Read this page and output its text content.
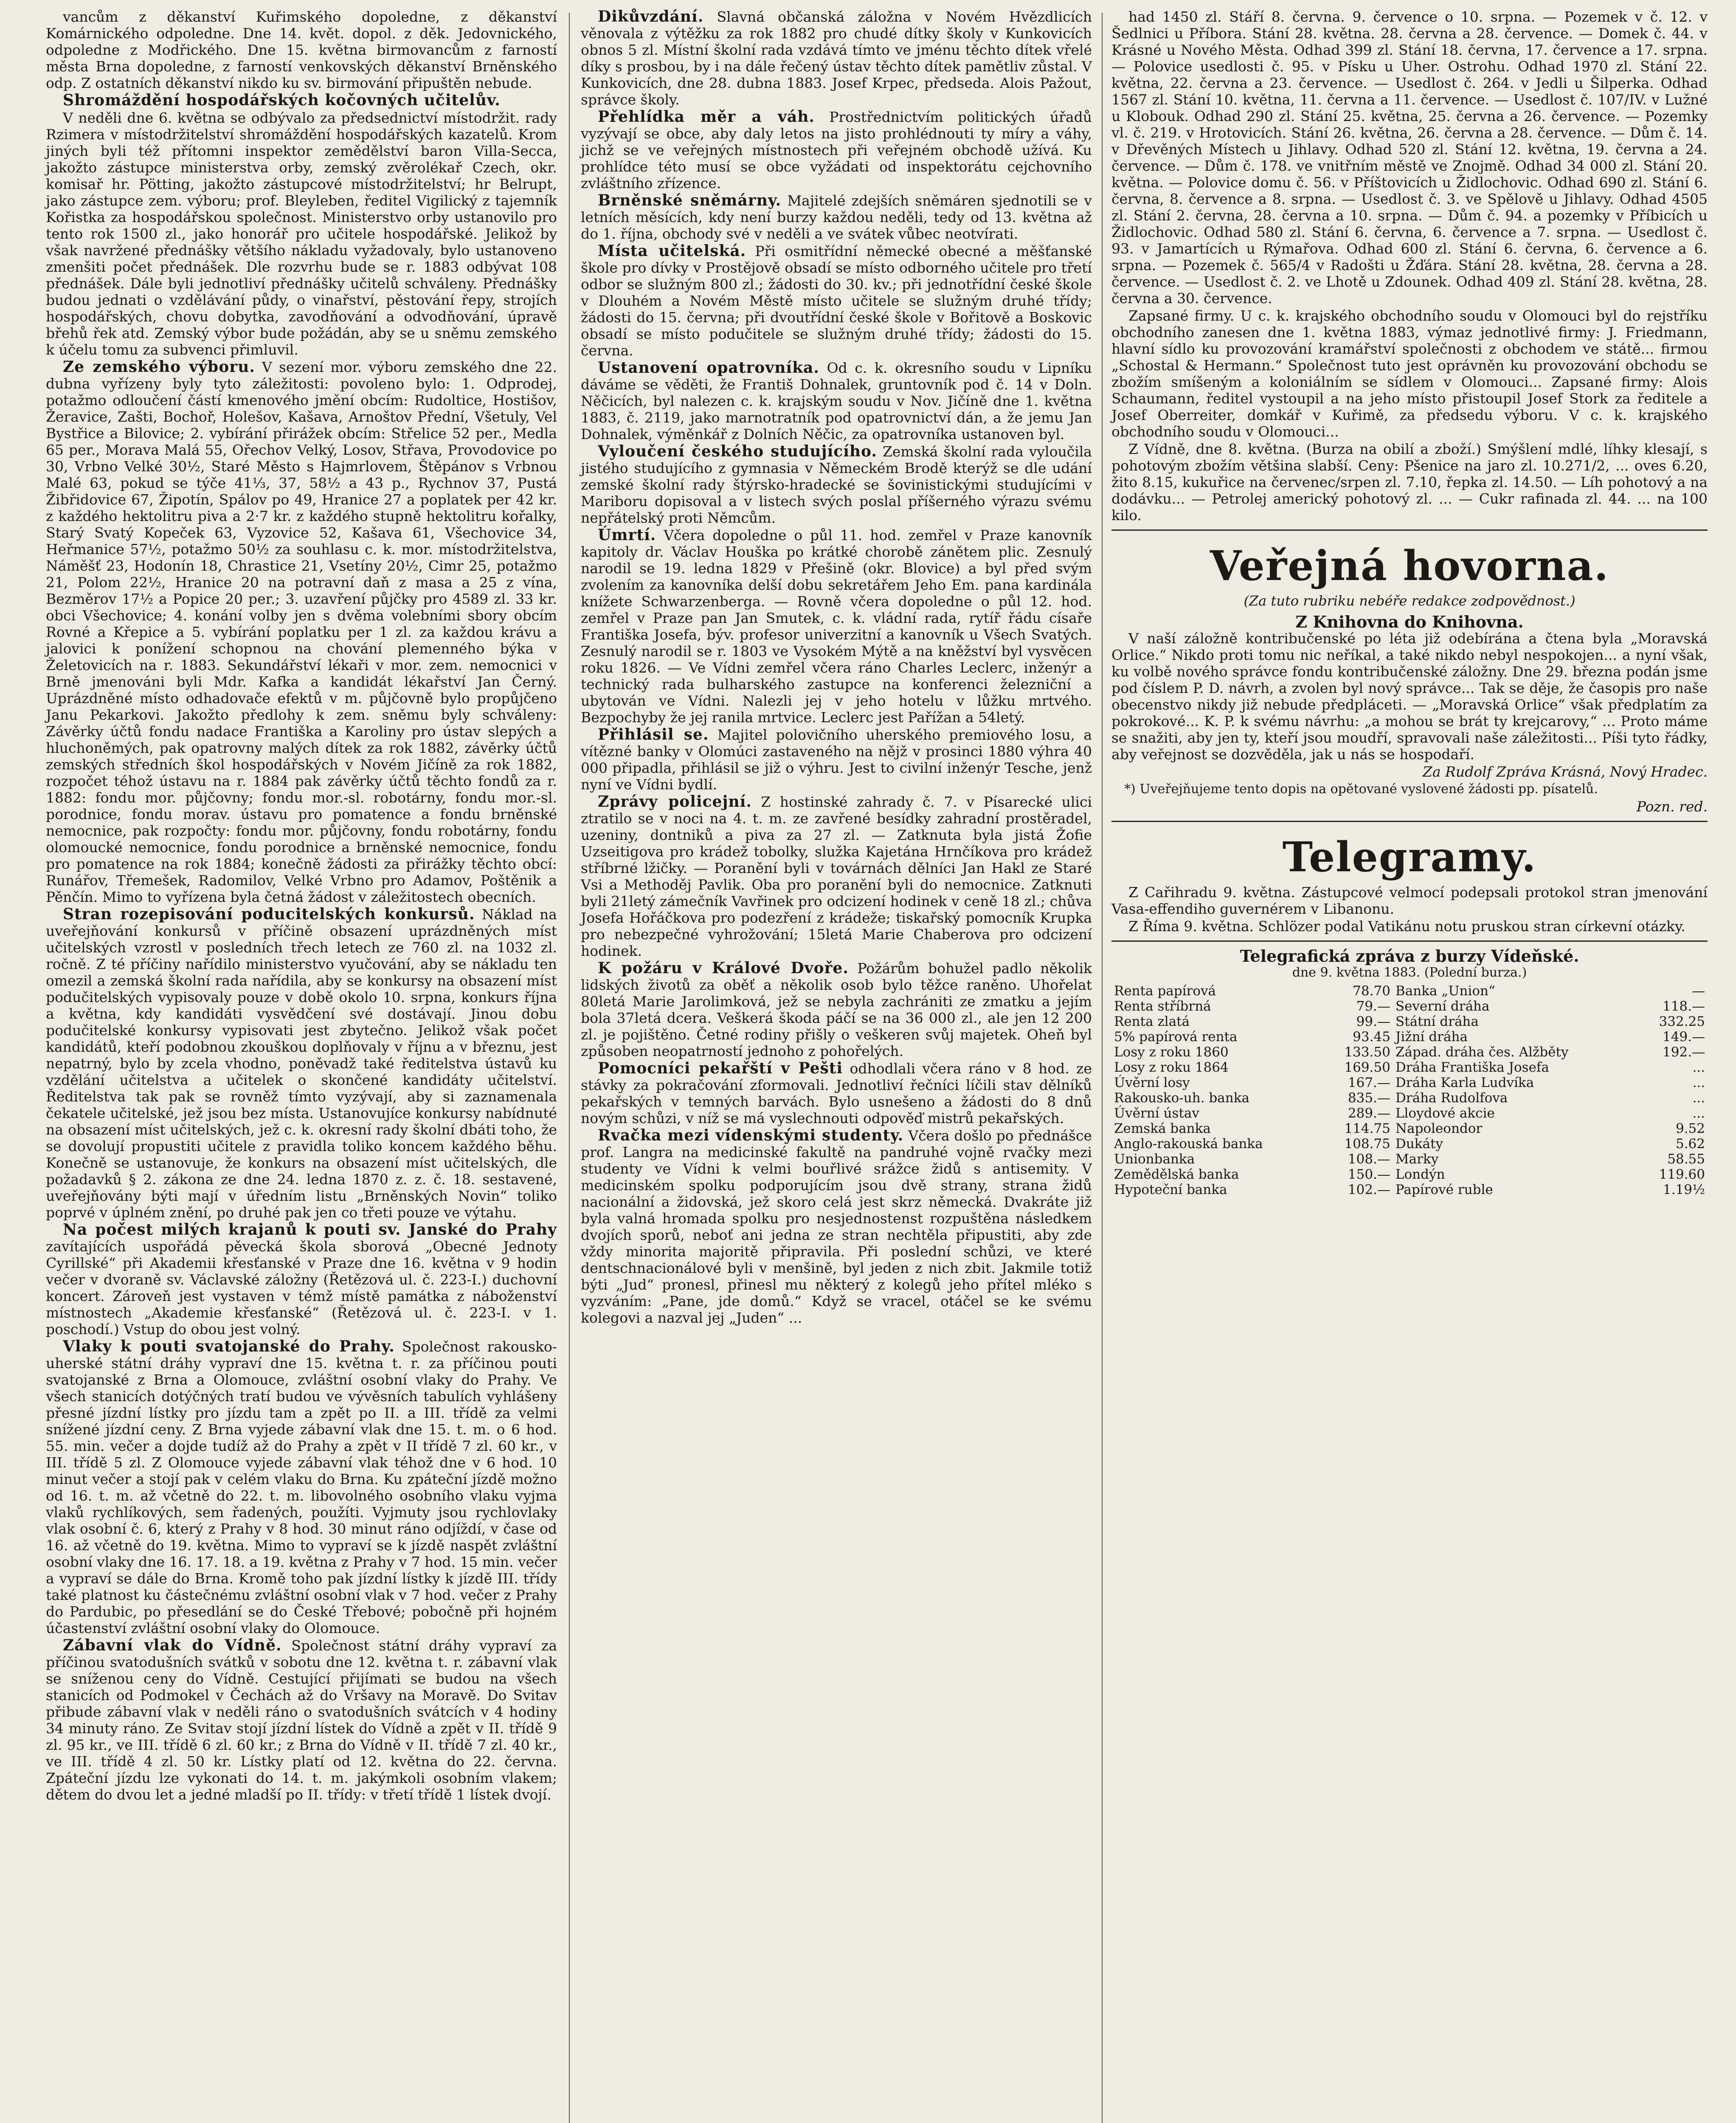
vancům z děkanství Kuřimského dopoledne, z děkanství Komárnického odpoledne. Dne 14. květ. dopol. z děk. Jedovnického, odpoledne z Modřického. Dne 15. května birmovancům z farností města Brna dopoledne, z farností venkovských děkanství Brněnského odp. Z ostatních děkanství nikdo ku sv. birmování připuštěn nebude.

Shromáždění hospodářských kočovných učitelův.

V neděli dne 6. května se odbývalo za předsednictví místodržit. rady Rzimera v místodržitelství shromáždění hospodářských kazatelů. Krom jiných byli též přítomni inspektor zemědělství baron Villa-Secca, jakožto zástupce ministerstva orby, zemský zvěrolékař Czech, okr. komisař hr. Pötting, jakožto zástupcové místodržitelství; hr Belrupt, jako zástupce zem. výboru; prof. Bleyleben, ředitel Vigilický z tajemník Kořistka za hospodářskou společnost. Ministerstvo orby ustanovilo pro tento rok 1500 zl., jako honorář pro učitele hospodářské. Jelikož by však navržené přednášky většího nákladu vyžadovaly, bylo ustanoveno zmenšiti počet přednášek. Dle rozvrhu bude se r. 1883 odbývat 108 přednášek. Dále byli jednotliví přednášky učitelů schváleny. Přednášky budou jednati o vzdělávání půdy, o vinařství, pěstování řepy, strojích hospodářských, chovu dobytka, zavodňování a odvodňování, úpravě břehů řek atd. Zemský výbor bude požádán, aby se u sněmu zemského k účelu tomu za subvenci přimluvil.

Ze zemského výboru. V sezení mor. výboru zemského dne 22. dubna vyřízeny byly tyto záležitosti: povoleno bylo: 1. Odprodej, potažmo odloučení částí kmenového jmění obcím: Rudoltice, Hostišov, Žeravice, Zašti, Bochoř, Holešov, Kašava, Arnoštov Přední, Všetuly, Vel Bystřice a Bilovice; 2. vybírání přirážek obcím: Střelice 52 per., Medla 65 per., Morava Malá 55, Ořechov Velký, Losov, Střava, Provodovice po 30, Vrbno Velké 30½, Staré Město s Hajmrlovem, Štěpánov s Vrbnou Malé 63, pokud se týče 41⅓, 37, 58½ a 43 p., Rychnov 37, Pustá Žibřidovice 67, Žipotín, Spálov po 49, Hranice 27 a poplatek per 42 kr. z každého hektolitru piva a 2·7 kr. z každého stupně hektolitru kořalky, Starý Svatý Kopeček 63, Vyzovice 52, Kašava 61, Všechovice 34, Heřmanice 57½, potažmo 50½ za souhlasu c. k. mor. místodržitelstva, Náměšť 23, Hodonín 18, Chrastice 21, Vsetíny 20½, Cimr 25, potažmo 21, Polom 22½, Hranice 20 na potravní daň z masa a 25 z vína, Bezměrov 17½ a Popice 20 per.; 3. uzavření půjčky pro 4589 zl. 33 kr. obci Všechovice; 4. konání volby jen s dvěma volebními sbory obcím Rovné a Křepice a 5. vybírání poplatku per 1 zl. za každou krávu a jalovici k ponížení schopnou na chování plemenného býka v Želetovicích na r. 1883. Sekundářství lékaři v mor. zem. nemocnici v Brně jmenováni byli Mdr. Kafka a kandidát lékařství Jan Černý. Uprázdněné místo odhadovače efektů v m. půjčovně bylo propůjčeno Janu Pekarkovi. Jakožto předlohy k zem. sněmu byly schváleny: Závěrky účtů fondu nadace Františka a Karoliny pro ústav slepých a hluchoněmých, pak opatrovny malých dítek za rok 1882, závěrky účtů zemských středních škol hospodářských v Novém Jičíně za rok 1882, rozpočet téhož ústavu na r. 1884 pak závěrky účtů těchto fondů za r. 1882: fondu mor. půjčovny; fondu mor.-sl. robotárny, fondu mor.-sl. porodnice, fondu morav. ústavu pro pomatence a fondu brněnské nemocnice, pak rozpočty: fondu mor. půjčovny, fondu robotárny, fondu olomoucké nemocnice, fondu porodnice a brněnské nemocnice, fondu pro pomatence na rok 1884; konečně žádosti za přirážky těchto obcí: Runářov, Třemešek, Radomilov, Velké Vrbno pro Adamov, Poštěnik a Pěnčín. Mimo to vyřízena byla četná žádost v záležitostech obecních.

Stran rozepisování poducitelských konkursů. Náklad na uveřejňování konkursů v příčině obsazení uprázdněných míst učitelských vzrostl v posledních třech letech ze 760 zl. na 1032 zl. ročně. Z té příčiny nařídilo ministerstvo vyučování, aby se nákladu ten omezil a zemská školní rada nařídila, aby se konkursy na obsazení míst podučitelských vypisovaly pouze v době okolo 10. srpna, konkurs října a května, kdy kandidáti vysvědčení své dostávají. Jinou dobu podučitelské konkursy vypisovati jest zbytečno. Jelikož však počet kandidátů, kteří podobnou zkouškou doplňovaly v říjnu a v březnu, jest nepatrný, bylo by zcela vhodno, poněvadž také ředitelstva ústavů ku vzdělání učitelstva a učitelek o skončené kandidáty učitelství. Ředitelstva tak pak se rovněž tímto vyzývají, aby si zaznamenala čekatele učitelské, jež jsou bez místa. Ustanovujíce konkursy nabídnuté na obsazení míst učitelských, jež c. k. okresní rady školní dbáti toho, že se dovolují propustiti učitele z pravidla toliko koncem každého běhu. Konečně se ustanovuje, že konkurs na obsazení míst učitelských, dle požadavků § 2. zákona ze dne 24. ledna 1870 z. z. č. 18. sestavené, uveřejňovány býti mají v úředním listu „Brněnských Novin“ toliko poprvé v úplném znění, po druhé pak jen co třeti pouze ve výtahu.

Na počest milých krajanů k pouti sv. Janské do Prahy zavítajících uspořádá pěvecká škola sborová „Obecné Jednoty Cyrillské“ při Akademii křesťanské v Praze dne 16. května v 9 hodin večer v dvoraně sv. Václavské záložny (Řetězová ul. č. 223-I.) duchovní koncert. Zároveň jest vystaven v témž místě památka z náboženství místnostech „Akademie křesťanské“ (Řetězová ul. č. 223-I. v 1. poschodí.) Vstup do obou jest volný.

Vlaky k pouti svatojanské do Prahy. Společnost rakousko-uherské státní dráhy vypraví dne 15. května t. r. za příčinou pouti svatojanské z Brna a Olomouce, zvláštní osobní vlaky do Prahy. Ve všech stanicích dotýčných tratí budou ve vývěsních tabulích vyhlášeny přesné jízdní lístky pro jízdu tam a zpět po II. a III. třídě za velmi snížené jízdní ceny. Z Brna vyjede zábavní vlak dne 15. t. m. o 6 hod. 55. min. večer a dojde tudíž až do Prahy a zpět v II třídě 7 zl. 60 kr., v III. třídě 5 zl. Z Olomouce vyjede zábavní vlak téhož dne v 6 hod. 10 minut večer a stojí pak v celém vlaku do Brna. Ku zpáteční jízdě možno od 16. t. m. až včetně do 22. t. m. libovolného osobního vlaku vyjma vlaků rychlíkových, sem řadených, použíti. Vyjmuty jsou rychlovlaky vlak osobní č. 6, který z Prahy v 8 hod. 30 minut ráno odjíždí, v čase od 16. až včetně do 19. května. Mimo to vypraví se k jízdě naspět zvláštní osobní vlaky dne 16. 17. 18. a 19. května z Prahy v 7 hod. 15 min. večer a vypraví se dále do Brna. Kromě toho pak jízdní lístky k jízdě III. třídy také platnost ku částečnému zvláštní osobní vlak v 7 hod. večer z Prahy do Pardubic, po přesedlání se do České Třebové; pobočně při hojném účastenství zvláštní osobní vlaky do Olomouce.

Zábavní vlak do Vídně. Společnost státní dráhy vypraví za příčinou svatodušních svátků v sobotu dne 12. května t. r. zábavní vlak se sníženou ceny do Vídně. Cestující přijímati se budou na všech stanicích od Podmokel v Čechách až do Vršavy na Moravě. Do Svitav přibude zábavní vlak v neděli ráno o svatodušních svátcích v 4 hodiny 34 minuty ráno. Ze Svitav stojí jízdní lístek do Vídně a zpět v II. třídě 9 zl. 95 kr., ve III. třídě 6 zl. 60 kr.; z Brna do Vídně v II. třídě 7 zl. 40 kr., ve III. třídě 4 zl. 50 kr. Lístky platí od 12. května do 22. června. Zpáteční jízdu lze vykonati do 14. t. m. jakýmkoli osobním vlakem; dětem do dvou let a jedné mladší po II. třídy: v třetí třídě 1 lístek dvojí.

Dikůvzdání. Slavná občanská záložna v Novém Hvězdlicích věnovala z výtěžku za rok 1882 pro chudé dítky školy v Kunkovicích obnos 5 zl. Místní školní rada vzdává tímto ve jménu těchto dítek vřelé díky s prosbou, by i na dále řečený ústav těchto dítek pamětliv zůstal. V Kunkovicích, dne 28. dubna 1883. Josef Krpec, předseda. Alois Pažout, správce školy.

Přehlídka měr a váh. Prostřednictvím politických úřadů vyzývají se obce, aby daly letos na jisto prohlédnouti ty míry a váhy, jichž se ve veřejných místnostech při veřejném obchodě užívá. Ku prohlídce této musí se obce vyžádati od inspektorátu cejchovního zvláštního zřízence.

Brněnské sněmárny. Majitelé zdejších sněmáren sjednotili se v letních měsících, kdy není burzy každou neděli, tedy od 13. května až do 1. října, obchody své v neděli a ve svátek vůbec neotvírati.

Místa učitelská. Při osmitřídní německé obecné a měšťanské škole pro dívky v Prostějově obsadí se místo odborného učitele pro třetí odbor se služným 800 zl.; žádosti do 30. kv.; při jednotřídní české škole v Dlouhém a Novém Městě místo učitele se služným druhé třídy; žádosti do 15. června; při dvoutřídní české škole v Bořitově a Boskovic obsadí se místo podučitele se služným druhé třídy; žádosti do 15. června.

Ustanovení opatrovníka. Od c. k. okresního soudu v Lipníku dáváme se věděti, že Františ Dohnalek, gruntovník pod č. 14 v Doln. Něčicích, byl nalezen c. k. krajským soudu v Nov. Jičíně dne 1. května 1883, č. 2119, jako marnotratník pod opatrovnictví dán, a že jemu Jan Dohnalek, výměnkář z Dolních Něčic, za opatrovníka ustanoven byl.

Vyloučení českého studujícího. Zemská školní rada vyloučila jistého studujícího z gymnasia v Německém Brodě kterýž se dle udání zemské školní rady štýrsko-hradecké se šovinistickými studujícími v Mariboru dopisoval a v listech svých poslal příšerného výrazu svému nepřátelský proti Němcům.

Úmrtí. Včera dopoledne o půl 11. hod. zemřel v Praze kanovník kapitoly dr. Václav Houška po krátké chorobě zánětem plic. Zesnulý narodil se 19. ledna 1829 v Přešině (okr. Blovice) a byl před svým zvolením za kanovníka delší dobu sekretářem Jeho Em. pana kardinála knížete Schwarzenberga. — Rovně včera dopoledne o půl 12. hod. zemřel v Praze pan Jan Smutek, c. k. vládní rada, rytíř řádu císaře Františka Josefa, býv. profesor univerzitní a kanovník u Všech Svatých. Zesnulý narodil se r. 1803 ve Vysokém Mýtě a na kněžství byl vysvěcen roku 1826. — Ve Vídni zemřel včera ráno Charles Leclerc, inženýr a technický rada bulharského zastupce na konferenci železniční a ubytován ve Vídni. Nalezli jej v jeho hotelu v lůžku mrtvého. Bezpochyby že jej ranila mrtvice. Leclerc jest Pařížan a 54letý.

Přihlásil se. Majitel polovičního uherského premiového losu, a vítězné banky v Olomúci zastaveného na nějž v prosinci 1880 výhra 40 000 připadla, přihlásil se již o výhru. Jest to civilní inženýr Tesche, jenž nyní ve Vídni bydlí.

Zprávy policejní. Z hostinské zahrady č. 7. v Písarecké ulici ztratilo se v noci na 4. t. m. ze zavřené besídky zahradní prostěradel, uzeniny, dontniků a piva za 27 zl. — Zatknuta byla jistá Žofie Uzseitigova pro krádež tobolky, služka Kajetána Hrnčíkova pro krádež stříbrné lžičky. — Poranění byli v továrnách dělníci Jan Hakl ze Staré Vsi a Methoděj Pavlik. Oba pro poranění byli do nemocnice. Zatknuti byli 21letý zámečník Vavřinek pro odcizení hodinek v ceně 18 zl.; chůva Josefa Hořáčkova pro podezření z krádeže; tiskařský pomocník Krupka pro nebezpečné vyhrožování; 15letá Marie Chaberova pro odcizení hodinek.

K požáru v Králové Dvoře. Požárům bohužel padlo několik lidských životů za oběť a několik osob bylo těžce raněno. Uhořelat 80letá Marie Jarolimková, jež se nebyla zachrániti ze zmatku a jejím bola 37letá dcera. Veškerá škoda páčí se na 36 000 zl., ale jen 12 200 zl. je pojištěno. Četné rodiny přišly o veškeren svůj majetek. Oheň byl způsoben neopatrností jednoho z pohořelých.

Pomocníci pekařští v Pešti odhodlali včera ráno v 8 hod. ze stávky za pokračování zformovali. Jednotliví řečníci líčili stav dělníků pekařských v temných barvách. Bylo usnešeno a žádosti do 8 dnů novým schůzi, v níž se má vyslechnouti odpověď mistrů pekařských.

Rvačka mezi vídenskými studenty. Včera došlo po přednášce prof. Langra na medicinské fakultě na pandruhé vojně rvačky mezi studenty ve Vídni k velmi bouřlivé srážce židů s antisemity. V medicinském spolku podporujícím jsou dvě strany, strana židů nacionální a židovská, jež skoro celá jest skrz německá. Dvakráte již byla valná hromada spolku pro nesjednostenst rozpuštěna následkem dvojích sporů, neboť ani jedna ze stran nechtěla připustiti, aby zde vždy minorita majoritě připravila. Při poslední schůzi, ve které dentschnacionálové byli v menšině, byl jeden z nich zbit. Jakmile totiž býti „Jud“ pronesl, přinesl mu některý z kolegů jeho přítel mléko s vyzváním: „Pane, jde domů.“ Když se vracel, otáčel se ke svému kolegovi a nazval jej „Juden“ ...

had 1450 zl. Stáří 8. června. 9. července o 10. srpna. — Pozemek v č. 12. v Šedlnici u Příbora. Stání 28. května. 28. června a 28. července. — Domek č. 44. v Krásné u Nového Města. Odhad 399 zl. Stání 18. června, 17. července a 17. srpna. — Polovice usedlosti č. 95. v Písku u Uher. Ostrohu. Odhad 1970 zl. Stání 22. května, 22. června a 23. července. — Usedlost č. 264. v Jedli u Šilperka. Odhad 1567 zl. Stání 10. května, 11. června a 11. července. — Usedlost č. 107/IV. v Lužné u Klobouk. Odhad 290 zl. Stání 25. května, 25. června a 26. července. — Pozemky vl. č. 219. v Hrotovicích. Stání 26. května, 26. června a 28. července. — Dům č. 14. v Dřevěných Místech u Jihlavy. Odhad 520 zl. Stání 12. května, 19. června a 24. července. — Dům č. 178. ve vnitřním městě ve Znojmě. Odhad 34 000 zl. Stání 20. května. — Polovice domu č. 56. v Příštovicích u Židlochovic. Odhad 690 zl. Stání 6. června, 8. července a 8. srpna. — Usedlost č. 3. ve Spělově u Jihlavy. Odhad 4505 zl. Stání 2. června, 28. června a 10. srpna. — Dům č. 94. a pozemky v Příbicích u Židlochovic. Odhad 580 zl. Stání 6. června, 6. července a 7. srpna. — Usedlost č. 93. v Jamartících u Rýmařova. Odhad 600 zl. Stání 6. června, 6. července a 6. srpna. — Pozemek č. 565/4 v Radošti u Žďára. Stání 28. května, 28. června a 28. července. — Usedlost č. 2. ve Lhotě u Zdounek. Odhad 409 zl. Stání 28. května, 28. června a 30. července.

Zapsané firmy. U c. k. krajského obchodního soudu v Olomouci byl do rejstříku obchodního zanesen dne 1. května 1883, výmaz jednotlivé firmy: J. Friedmann, hlavní sídlo ku provozování kramářství společnosti z obchodem ve státě... firmou „Schostal & Hermann.“ Společnost tuto jest oprávněn ku provozování obchodu se zbožím smíšeným a koloniálním se sídlem v Olomouci... Zapsané firmy: Alois Schaumann, ředitel vystoupil a na jeho místo přistoupil Josef Stork za ředitele a Josef Oberreiter, domkář v Kuřimě, za předsedu výboru. V c. k. krajského obchodního soudu v Olomouci...

Z Vídně, dne 8. května. (Burza na obilí a zboží.) Smýšlení mdlé, líhky klesají, s pohotovým zbožím většina slabší. Ceny: Pšenice na jaro zl. 10.271/2, ... oves 6.20, žito 8.15, kukuřice na červenec/srpen zl. 7.10, řepka zl. 14.50. — Líh pohotový a na dodávku... — Petrolej americký pohotový zl. ... — Cukr rafinada zl. 44. ... na 100 kilo.

Veřejná hovorna.
(Za tuto rubriku nebéře redakce zodpovědnost.)
Z Knihovna do Knihovna.

V naší záložně kontribučenské po léta již odebírána a čtena byla „Moravská Orlice.“ Nikdo proti tomu nic neříkal, a také nikdo nebyl nespokojen... a nyní však, ku volbě nového správce fondu kontribučenské záložny. Dne 29. března podán jsme pod číslem P. D. návrh, a zvolen byl nový správce... Tak se děje, že časopis pro naše obecenstvo nikdy již nebude předpláceti. — „Moravská Orlice“ však předplatím za pokrokové... K. P. k svému návrhu: „a mohou se brát ty krejcarovy,“ ... Proto máme se snažiti, aby jen ty, kteří jsou moudří, spravovali naše záležitosti... Píši tyto řádky, aby veřejnost se dozvěděla, jak u nás se hospodaří.

Za Rudolf Zpráva Krásná, Nový Hradec.

*) Uveřejňujeme tento dopis na opětované vyslovené žádosti pp. písatelů.

Pozn. red.

Telegramy.

Z Cařihradu 9. května. Zástupcové velmocí podepsali protokol stran jmenování Vasa-effendiho guvernérem v Libanonu.

Z Říma 9. května. Schlözer podal Vatikánu notu pruskou stran církevní otázky.

Telegrafická zpráva z burzy Vídeňské.
dne 9. května 1883. (Polední burza.)
Renta papírová	78.70	Banka „Union“	—
Renta stříbrná	79.—	Severní dráha	118.—
Renta zlatá	99.—	Státní dráha	332.25
5% papírová renta	93.45	Jižní dráha	149.—
Losy z roku 1860	133.50	Západ. dráha čes. Alžběty	192.—
Losy z roku 1864	169.50	Dráha Františka Josefa	...
Úvěrní losy	167.—	Dráha Karla Ludvíka	...
Rakousko-uh. banka	835.—	Dráha Rudolfova	...
Úvěrní ústav	289.—	Lloydové akcie	...
Zemská banka	114.75	Napoleondor	9.52
Anglo-rakouská banka	108.75	Dukáty	5.62
Unionbanka	108.—	Marky	58.55
Zemědělská banka	150.—	Londýn	119.60
Hypoteční banka	102.—	Papírové ruble	1.19½
